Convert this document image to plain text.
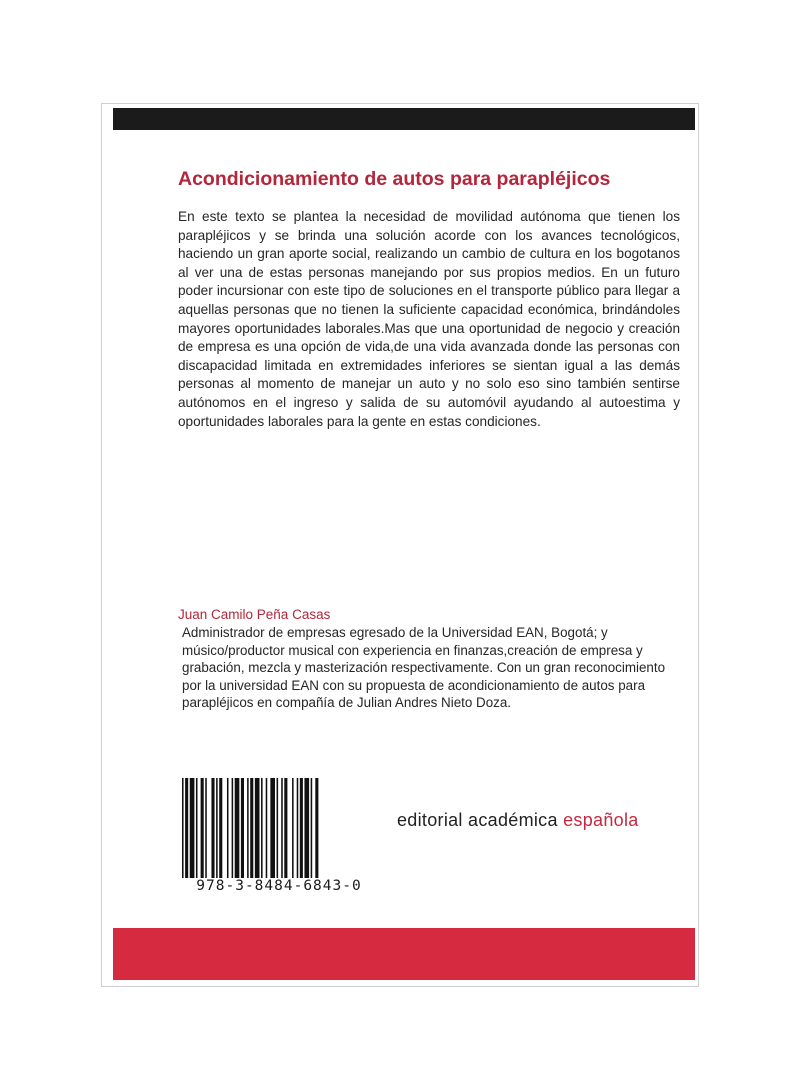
Acondicionamiento de autos para parapléjicos

En este texto se plantea la necesidad de movilidad autónoma que tienen los parapléjicos y se brinda una solución acorde con los avances tecnológicos, haciendo un gran aporte social, realizando un cambio de cultura en los bogotanos al ver una de estas personas manejando por sus propios medios. En un futuro poder incursionar con este tipo de soluciones en el transporte público para llegar a aquellas personas que no tienen la suficiente capacidad económica, brindándoles mayores oportunidades laborales.Mas que una oportunidad de negocio y creación de empresa es una opción de vida,de una vida avanzada donde las personas con discapacidad limitada en extremidades inferiores se sientan igual a las demás personas al momento de manejar un auto y no solo eso sino también sentirse autónomos en el ingreso y salida de su automóvil ayudando al autoestima y oportunidades laborales para la gente en estas condiciones.

Juan Camilo Peña Casas

Administrador de empresas egresado de la Universidad EAN, Bogotá; y músico/productor musical con experiencia en finanzas,creación de empresa y grabación, mezcla y masterización respectivamente. Con un gran reconocimiento por la universidad EAN con su propuesta de acondicionamiento de autos para parapléjicos en compañía de Julian Andres Nieto Doza.

978-3-8484-6843-0

editorial académica española
